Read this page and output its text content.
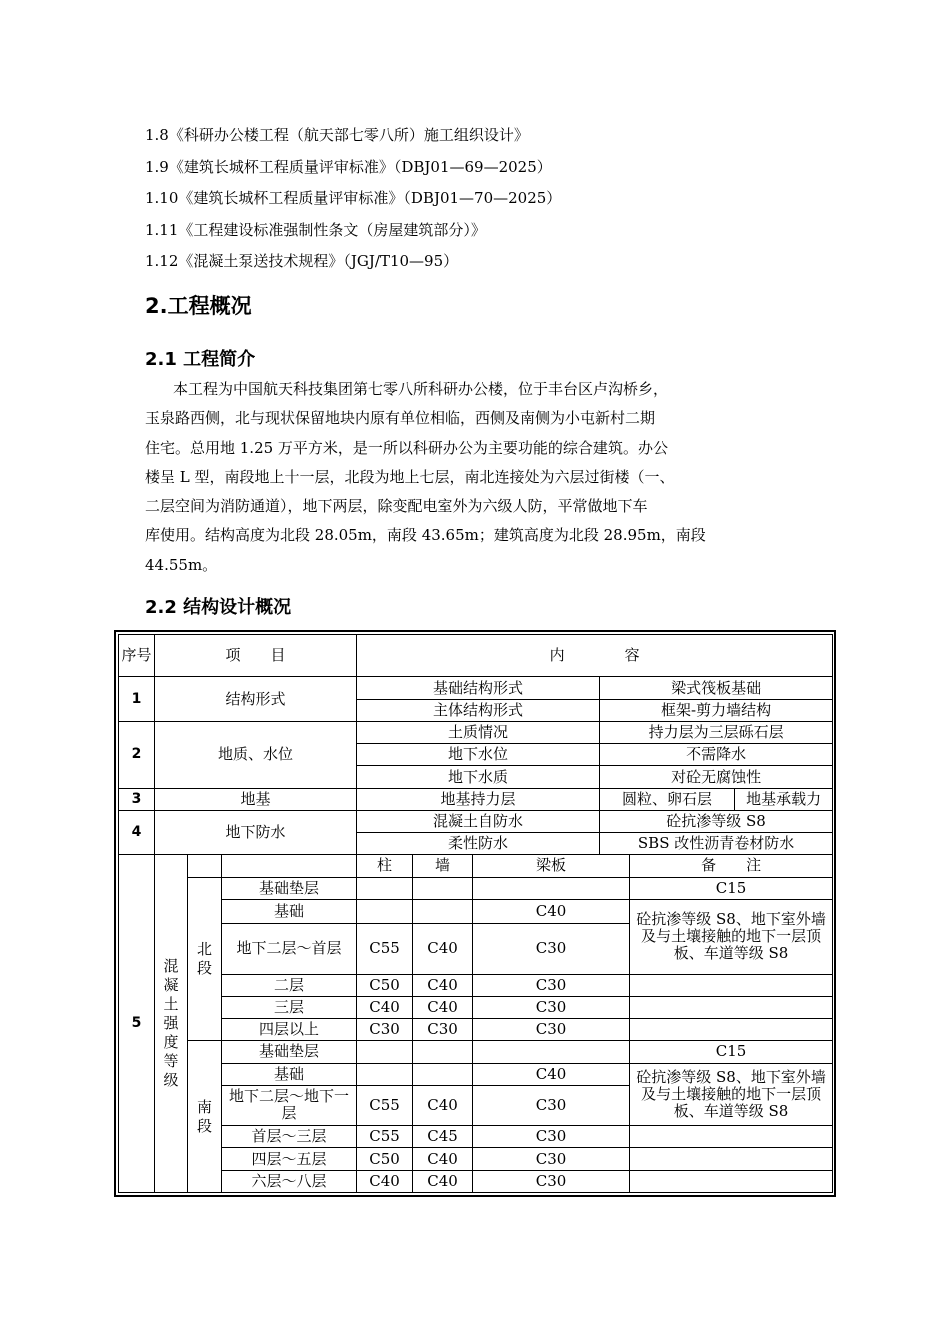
1.8《科研办公楼工程（航天部七零八所）施工组织设计》
1.9《建筑长城杯工程质量评审标准》（DBJ01—69—2025）
1.10《建筑长城杯工程质量评审标准》（DBJ01—70—2025）
1.11《工程建设标准强制性条文（房屋建筑部分）》
1.12《混凝土泵送技术规程》（JGJ/T10—95）
2.工程概况
2.1 工程简介
本工程为中国航天科技集团第七零八所科研办公楼，位于丰台区卢沟桥乡，
玉泉路西侧，北与现状保留地块内原有单位相临，西侧及南侧为小屯新村二期
住宅。总用地 1.25 万平方米，是一所以科研办公为主要功能的综合建筑。办公
楼呈 L 型，南段地上十一层，北段为地上七层，南北连接处为六层过街楼（一、
二层空间为消防通道），地下两层，除变配电室外为六级人防，平常做地下车
库使用。结构高度为北段 28.05m，南段 43.65m；建筑高度为北段 28.95m，南段
44.55m。
2.2 结构设计概况
序号	项　　目			内　　　　容						
1	结构形式			基础结构形式			梁式筏板基础			
				主体结构形式			框架-剪力墙结构			
2	地质、水位			土质情况			持力层为三层砾石层			
				地下水位			不需降水			
				地下水质			对砼无腐蚀性			
3	地基			地基持力层			圆粒、卵石层		地基承载力	
4	地下防水			混凝土自防水			砼抗渗等级 S8			
				柔性防水			SBS 改性沥青卷材防水			
5	混凝土强度等级			柱	墙	梁板		备　　注		
		北段	基础垫层					C15		
			基础			C40		砼抗渗等级 S8、地下室外墙及与土壤接触的地下一层顶板、车道等级 S8		
			地下二层～首层	C55	C40	C30				
			二层	C50	C40	C30				
			三层	C40	C40	C30				
			四层以上	C30	C30	C30				
		南段	基础垫层					C15		
			基础			C40		砼抗渗等级 S8、地下室外墙及与土壤接触的地下一层顶板、车道等级 S8		
			地下二层～地下一层	C55	C40	C30				
			首层～三层	C55	C45	C30				
			四层～五层	C50	C40	C30				
			六层～八层	C40	C40	C30				
